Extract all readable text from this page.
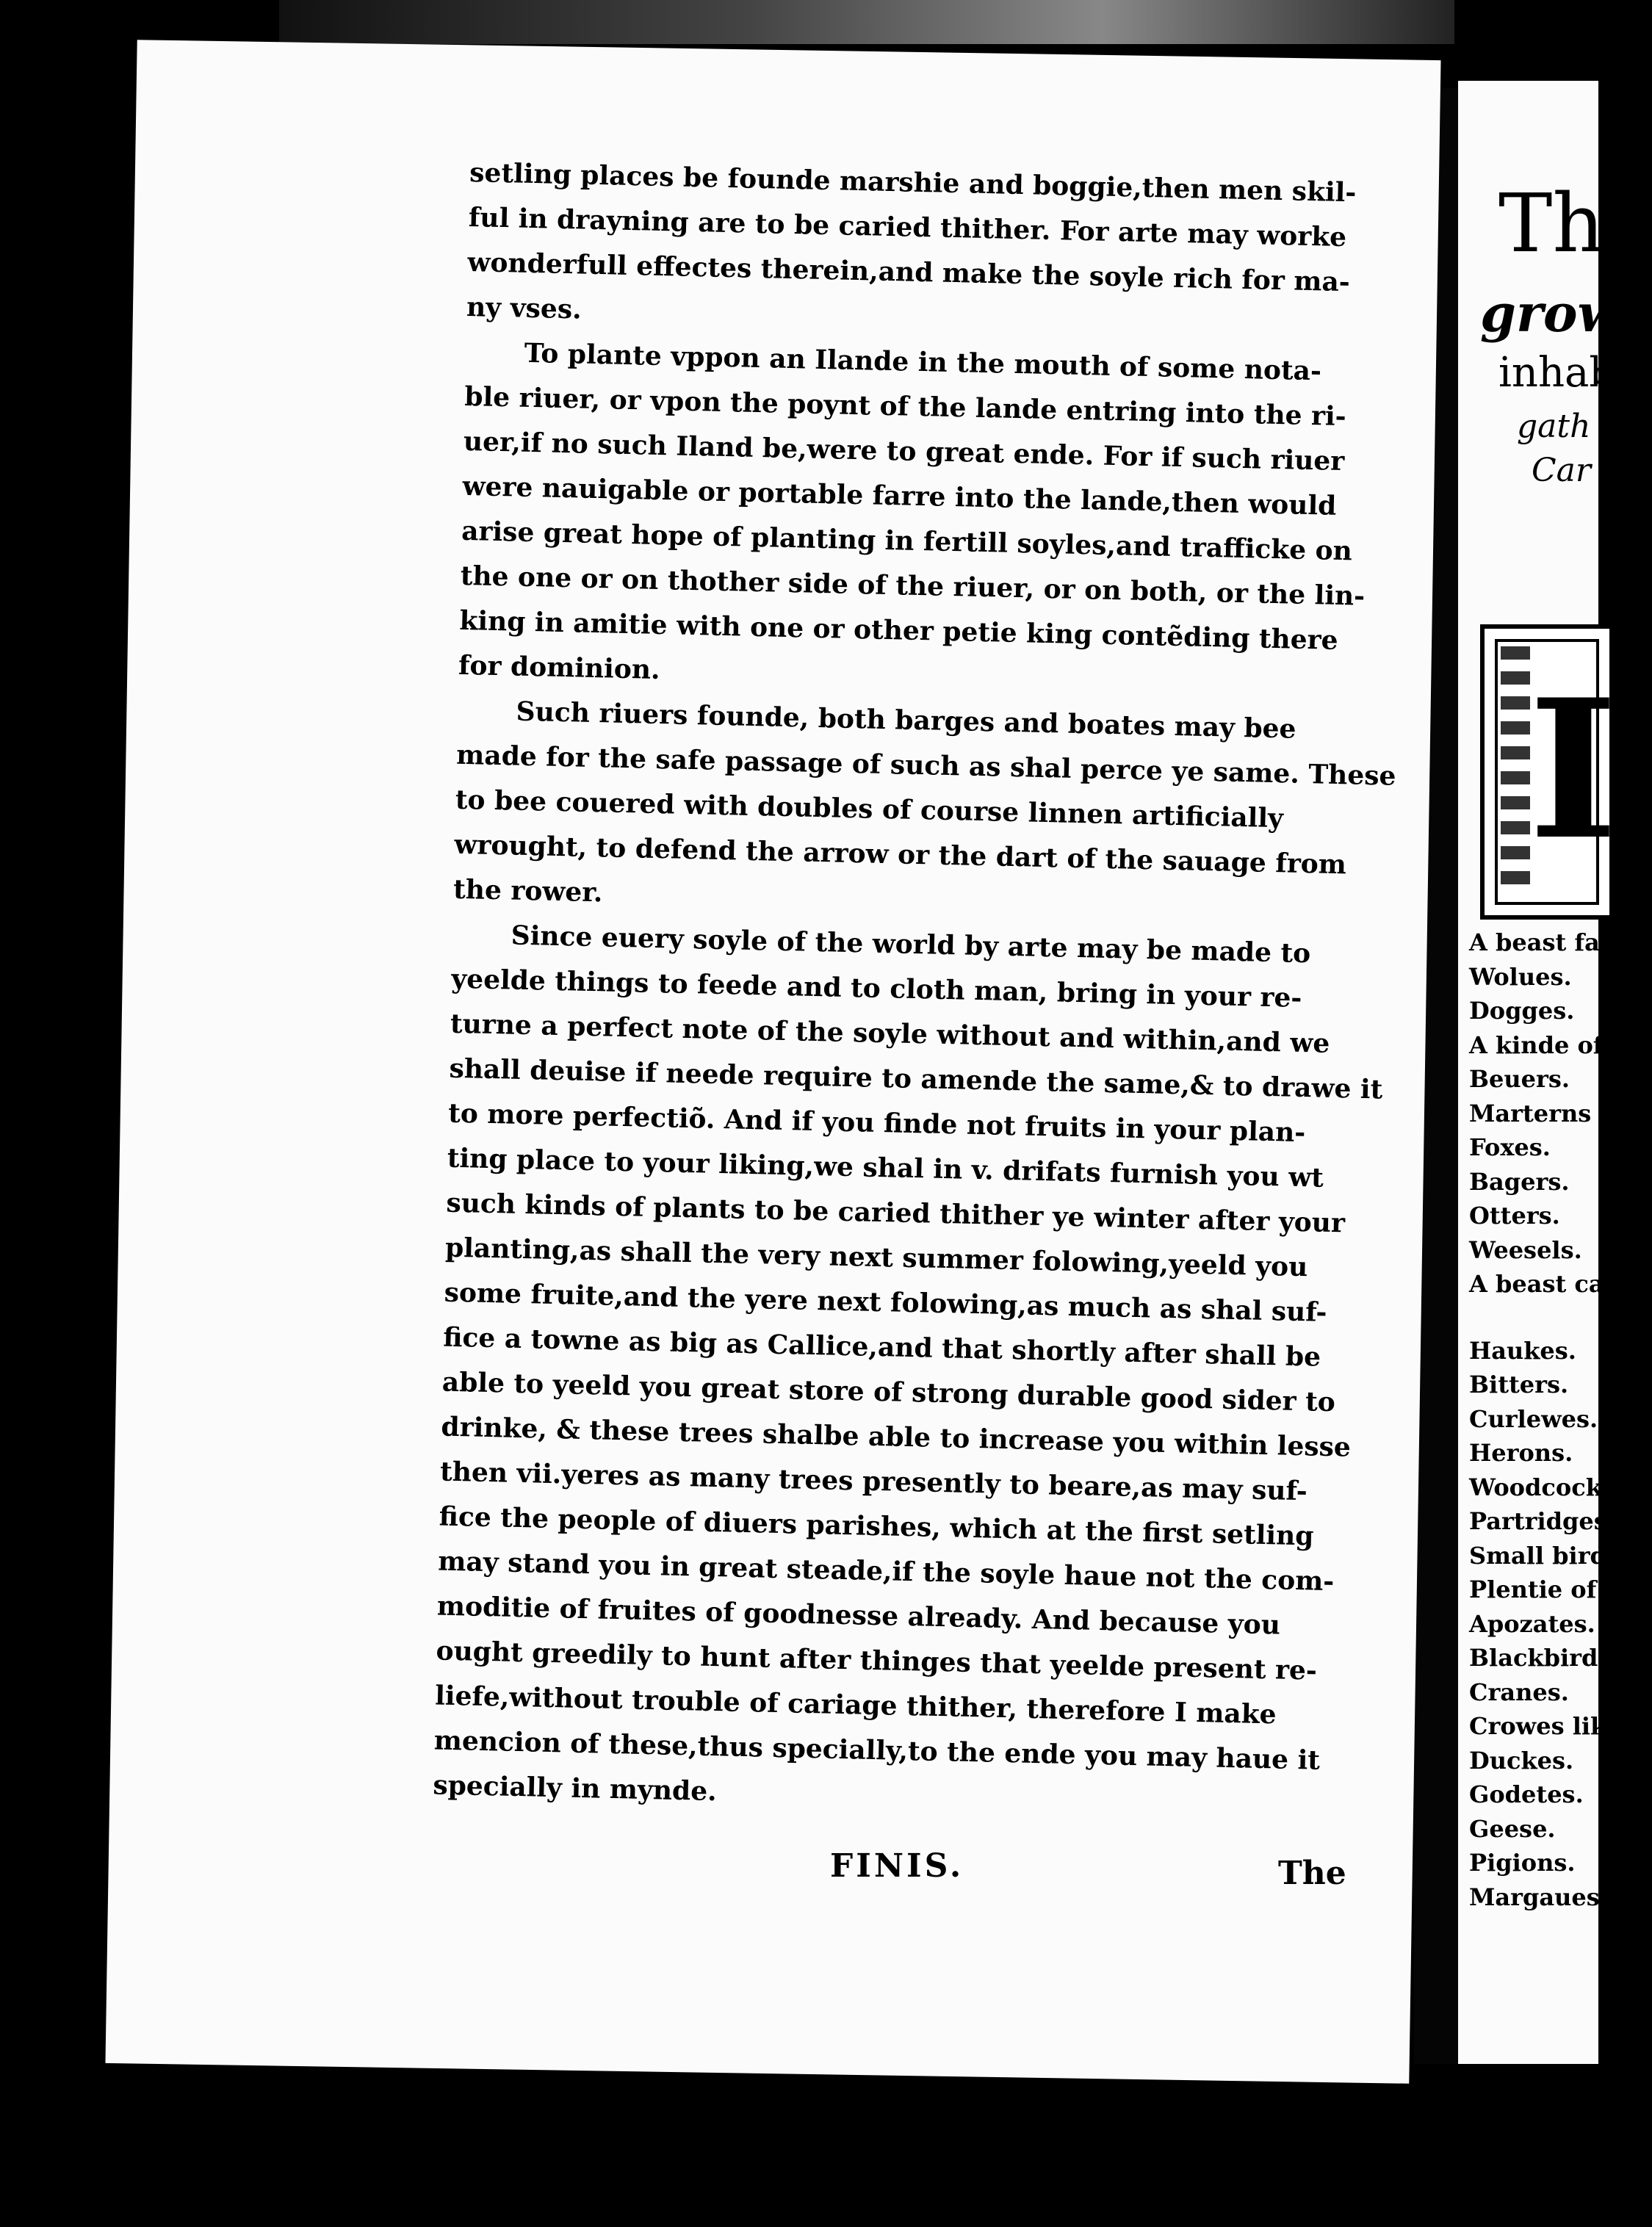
setling places be founde marshie and boggie,then men skil-
ful in drayning are to be caried thither. For arte may worke
wonderfull effectes therein,and make the soyle rich for ma-
ny vses.
To plante vppon an Ilande in the mouth of some nota-
ble riuer, or vpon the poynt of the lande entring into the ri-
uer,if no such Iland be,were to great ende. For if such riuer
were nauigable or portable farre into the lande,then would
arise great hope of planting in fertill soyles,and trafficke on
the one or on thother side of the riuer, or on both, or the lin-
king in amitie with one or other petie king contẽding there
for dominion.
Such riuers founde, both barges and boates may bee
made for the safe passage of such as shal perce ye same. These
to bee couered with doubles of course linnen artificially
wrought, to defend the arrow or the dart of the sauage from
the rower.
Since euery soyle of the world by arte may be made to
yeelde things to feede and to cloth man, bring in your re-
turne a perfect note of the soyle without and within,and we
shall deuise if neede require to amende the same,& to drawe it
to more perfectiõ. And if you finde not fruits in your plan-
ting place to your liking,we shal in v. drifats furnish you wt
such kinds of plants to be caried thither ye winter after your
planting,as shall the very next summer folowing,yeeld you
some fruite,and the yere next folowing,as much as shal suf-
fice a towne as big as Callice,and that shortly after shall be
able to yeeld you great store of strong durable good sider to
drinke, & these trees shalbe able to increase you within lesse
then vii.yeres as many trees presently to beare,as may suf-
fice the people of diuers parishes, which at the first setling
may stand you in great steade,if the soyle haue not the com-
moditie of fruites of goodnesse already. And because you
ought greedily to hunt after thinges that yeelde present re-
liefe,without trouble of cariage thither, therefore I make
mencion of these,thus specially,to the ende you may haue it
specially in mynde.
FINIS.	The
The
grow
inhab
gath
Car
I
A beast fa
Wolues.
Dogges.
A kinde of
Beuers.
Marterns
Foxes.
Bagers.
Otters.
Weesels.
A beast call
Haukes.
Bitters.
Curlewes.
Herons.
Woodcocke
Partridges
Small bird
Plentie of f
Apozates.
Blackbirdes
Cranes.
Crowes lik
Duckes.
Godetes.
Geese.
Pigions.
Margaues.
